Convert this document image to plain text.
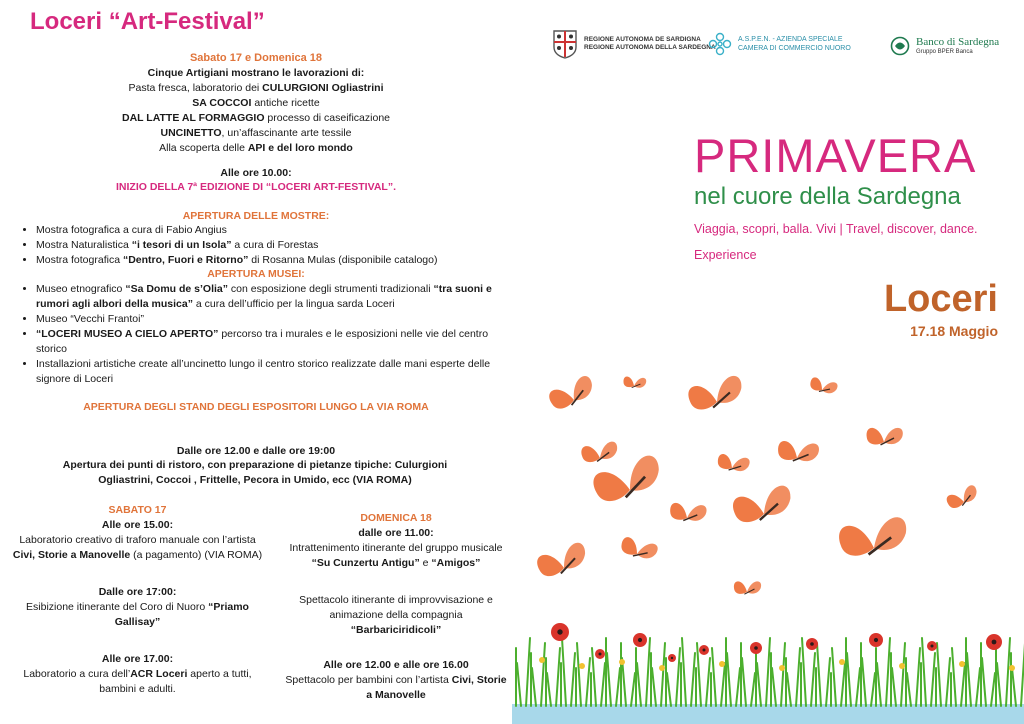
Loceri “Art-Festival”
Sabato 17 e Domenica 18
Cinque Artigiani mostrano le lavorazioni di:
Pasta fresca, laboratorio dei CULURGIONI Ogliastrini
SA COCCOI antiche ricette
DAL LATTE AL FORMAGGIO processo di caseificazione
UNCINETTO, un’affascinante arte tessile
Alla scoperta delle API e del loro mondo
Alle ore 10.00:
INIZIO DELLA 7ª EDIZIONE DI “LOCERI ART-FESTIVAL”.
APERTURA DELLE MOSTRE:
• Mostra fotografica a cura di Fabio Angius
• Mostra Naturalistica “i tesori di un Isola” a cura di Forestas
• Mostra fotografica “Dentro, Fuori e Ritorno” di Rosanna Mulas (disponibile catalogo)
APERTURA MUSEI:
• Museo etnografico “Sa Domu de s’Olia” con esposizione degli strumenti tradizionali “tra suoni e rumori agli albori della musica” a cura dell’ufficio per la lingua sarda Loceri
• Museo “Vecchi Frantoi”
• “LOCERI MUSEO A CIELO APERTO” percorso tra i murales e le esposizioni nelle vie del centro storico
• Installazioni artistiche create all’uncinetto lungo il centro storico realizzate dalle mani esperte delle signore di Loceri
APERTURA DEGLI STAND DEGLI ESPOSITORI LUNGO LA VIA ROMA
Dalle ore 12.00 e dalle ore 19:00
Apertura dei punti di ristoro, con preparazione di pietanze tipiche: Culurgioni Ogliastrini, Coccoi , Frittelle, Pecora in Umido, ecc (VIA ROMA)
SABATO 17
Alle ore 15.00:
Laboratorio creativo di traforo manuale con l’artista Civi, Storie a Manovelle (a pagamento) (VIA ROMA)
Dalle ore 17:00:
Esibizione itinerante del Coro di Nuoro “Priamo Gallisay”
Alle ore 17.00:
Laboratorio a cura dell’ACR Loceri aperto a tutti, bambini e adulti.
DOMENICA 18
dalle ore 11.00:
Intrattenimento itinerante del gruppo musicale “Su Cunzertu Antigu” e “Amigos”
Spettacolo itinerante di improvvisazione e animazione della compagnia “Barbariciridicoli”
Alle ore 12.00 e alle ore 16.00
Spettacolo per bambini con l’artista Civi, Storie a Manovelle
REGIONE AUTONOMA DE SARDIGNA
REGIONE AUTONOMA DELLA SARDEGNA
A.S.P.E.N. - AZIENDA SPECIALE
CAMERA DI COMMERCIO NUORO
Banco di Sardegna
Gruppo BPER Banca
PRIMAVERA
nel cuore della Sardegna
Viaggia, scopri, balla. Vivi | Travel, discover, dance.
Experience
Loceri
17.18 Maggio
